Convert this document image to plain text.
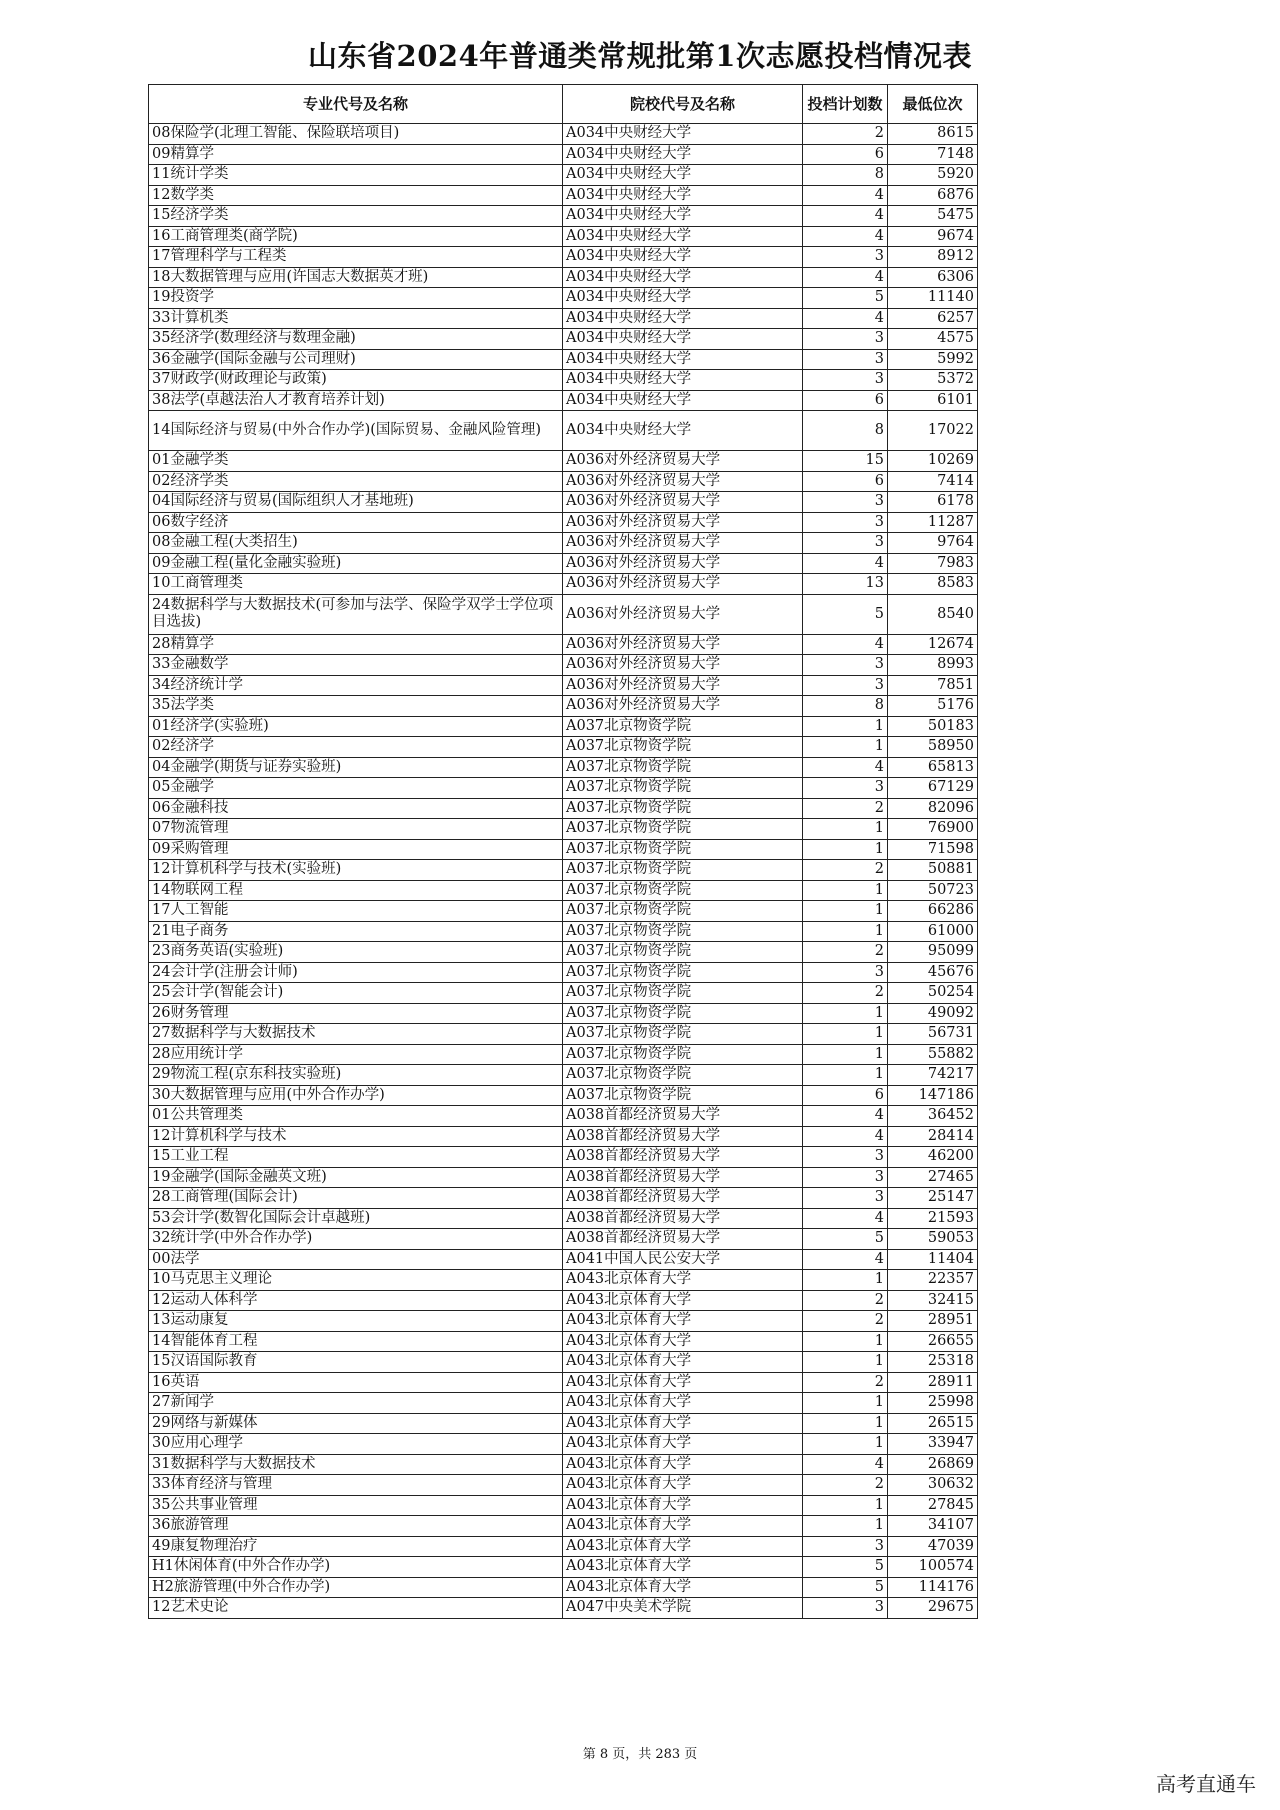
山东省2024年普通类常规批第1次志愿投档情况表
专业代号及名称	院校代号及名称	投档计划数	最低位次
08保险学(北理工智能、保险联培项目)	A034中央财经大学	2	8615
09精算学	A034中央财经大学	6	7148
11统计学类	A034中央财经大学	8	5920
12数学类	A034中央财经大学	4	6876
15经济学类	A034中央财经大学	4	5475
16工商管理类(商学院)	A034中央财经大学	4	9674
17管理科学与工程类	A034中央财经大学	3	8912
18大数据管理与应用(许国志大数据英才班)	A034中央财经大学	4	6306
19投资学	A034中央财经大学	5	11140
33计算机类	A034中央财经大学	4	6257
35经济学(数理经济与数理金融)	A034中央财经大学	3	4575
36金融学(国际金融与公司理财)	A034中央财经大学	3	5992
37财政学(财政理论与政策)	A034中央财经大学	3	5372
38法学(卓越法治人才教育培养计划)	A034中央财经大学	6	6101
14国际经济与贸易(中外合作办学)(国际贸易、金融风险管理)	A034中央财经大学	8	17022
01金融学类	A036对外经济贸易大学	15	10269
02经济学类	A036对外经济贸易大学	6	7414
04国际经济与贸易(国际组织人才基地班)	A036对外经济贸易大学	3	6178
06数字经济	A036对外经济贸易大学	3	11287
08金融工程(大类招生)	A036对外经济贸易大学	3	9764
09金融工程(量化金融实验班)	A036对外经济贸易大学	4	7983
10工商管理类	A036对外经济贸易大学	13	8583
24数据科学与大数据技术(可参加与法学、保险学双学士学位项目选拔)	A036对外经济贸易大学	5	8540
28精算学	A036对外经济贸易大学	4	12674
33金融数学	A036对外经济贸易大学	3	8993
34经济统计学	A036对外经济贸易大学	3	7851
35法学类	A036对外经济贸易大学	8	5176
01经济学(实验班)	A037北京物资学院	1	50183
02经济学	A037北京物资学院	1	58950
04金融学(期货与证券实验班)	A037北京物资学院	4	65813
05金融学	A037北京物资学院	3	67129
06金融科技	A037北京物资学院	2	82096
07物流管理	A037北京物资学院	1	76900
09采购管理	A037北京物资学院	1	71598
12计算机科学与技术(实验班)	A037北京物资学院	2	50881
14物联网工程	A037北京物资学院	1	50723
17人工智能	A037北京物资学院	1	66286
21电子商务	A037北京物资学院	1	61000
23商务英语(实验班)	A037北京物资学院	2	95099
24会计学(注册会计师)	A037北京物资学院	3	45676
25会计学(智能会计)	A037北京物资学院	2	50254
26财务管理	A037北京物资学院	1	49092
27数据科学与大数据技术	A037北京物资学院	1	56731
28应用统计学	A037北京物资学院	1	55882
29物流工程(京东科技实验班)	A037北京物资学院	1	74217
30大数据管理与应用(中外合作办学)	A037北京物资学院	6	147186
01公共管理类	A038首都经济贸易大学	4	36452
12计算机科学与技术	A038首都经济贸易大学	4	28414
15工业工程	A038首都经济贸易大学	3	46200
19金融学(国际金融英文班)	A038首都经济贸易大学	3	27465
28工商管理(国际会计)	A038首都经济贸易大学	3	25147
53会计学(数智化国际会计卓越班)	A038首都经济贸易大学	4	21593
32统计学(中外合作办学)	A038首都经济贸易大学	5	59053
00法学	A041中国人民公安大学	4	11404
10马克思主义理论	A043北京体育大学	1	22357
12运动人体科学	A043北京体育大学	2	32415
13运动康复	A043北京体育大学	2	28951
14智能体育工程	A043北京体育大学	1	26655
15汉语国际教育	A043北京体育大学	1	25318
16英语	A043北京体育大学	2	28911
27新闻学	A043北京体育大学	1	25998
29网络与新媒体	A043北京体育大学	1	26515
30应用心理学	A043北京体育大学	1	33947
31数据科学与大数据技术	A043北京体育大学	4	26869
33体育经济与管理	A043北京体育大学	2	30632
35公共事业管理	A043北京体育大学	1	27845
36旅游管理	A043北京体育大学	1	34107
49康复物理治疗	A043北京体育大学	3	47039
H1休闲体育(中外合作办学)	A043北京体育大学	5	100574
H2旅游管理(中外合作办学)	A043北京体育大学	5	114176
12艺术史论	A047中央美术学院	3	29675
第 8 页，共 283 页
高考直通车
